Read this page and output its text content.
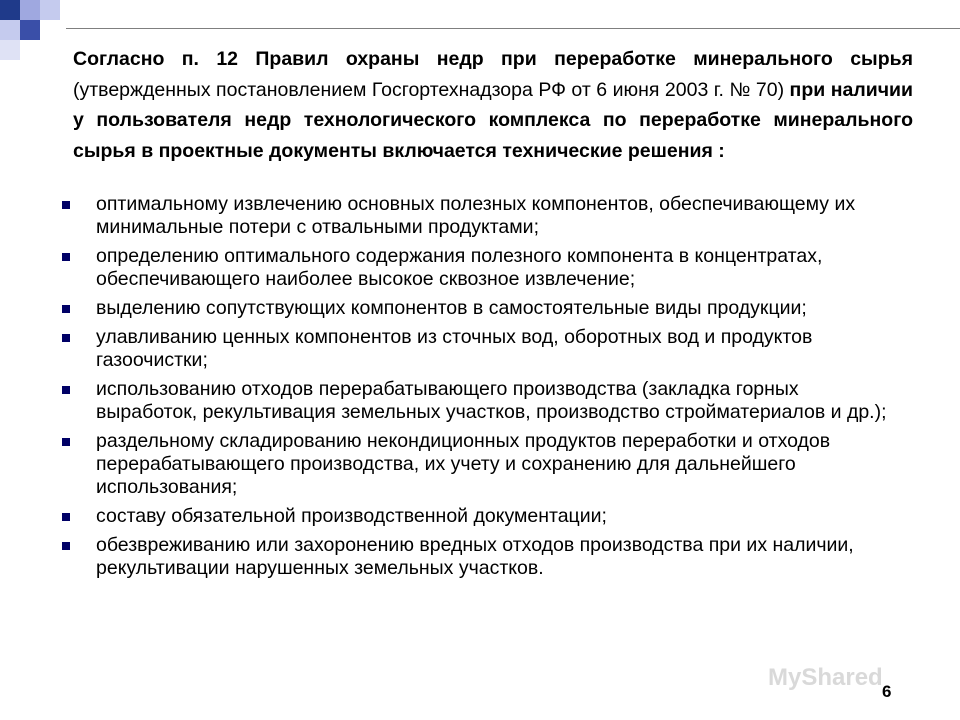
Согласно п. 12 Правил охраны недр при переработке минерального сырья (утвержденных постановлением Госгортехнадзора РФ от 6 июня 2003 г. № 70) при наличии у пользователя недр технологического комплекса по переработке минерального сырья в проектные документы включается технические решения :

оптимальному извлечению основных полезных компонентов, обеспечивающему их минимальные потери с отвальными продуктами;
определению оптимального содержания полезного компонента в концентратах, обеспечивающего наиболее высокое сквозное извлечение;
выделению сопутствующих компонентов в самостоятельные виды продукции;
улавливанию ценных компонентов из сточных вод, оборотных вод и продуктов газоочистки;
использованию отходов перерабатывающего производства (закладка горных выработок, рекультивация земельных участков, производство стройматериалов и др.);
раздельному складированию некондиционных продуктов переработки и отходов перерабатывающего производства, их учету и сохранению для дальнейшего использования;
составу обязательной производственной документации;
обезвреживанию или захоронению вредных отходов производства при их наличии, рекультивации нарушенных земельных участков.
MyShared
6
